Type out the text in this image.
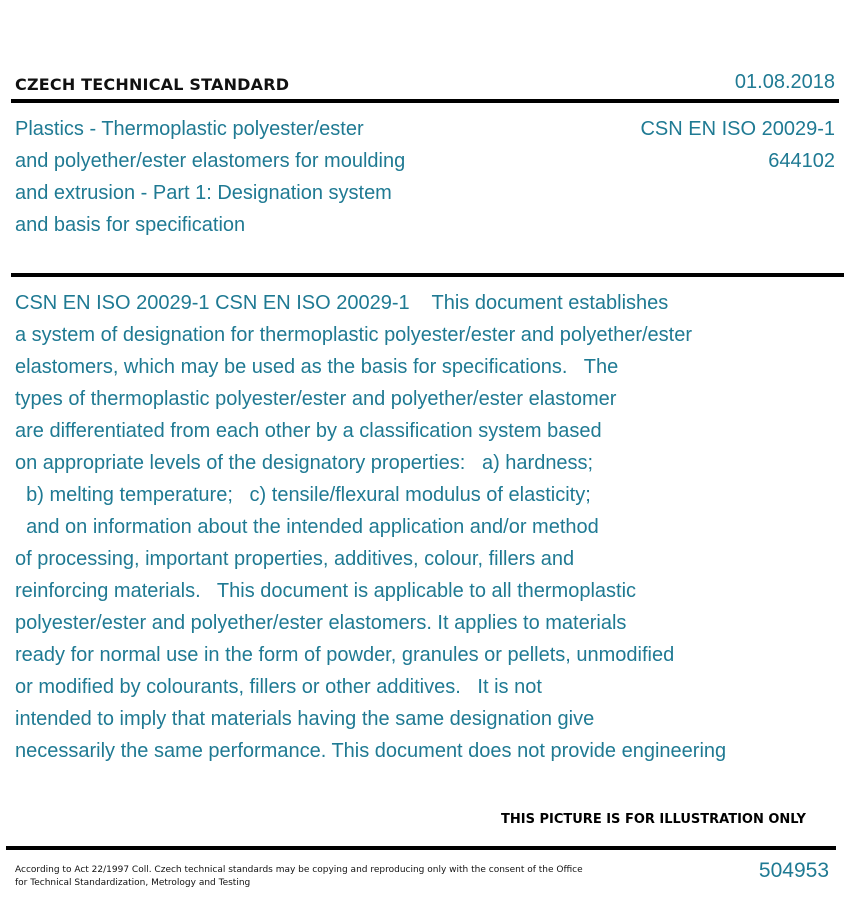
CZECH TECHNICAL STANDARD	01.08.2018
Plastics - Thermoplastic polyester/ester
and polyether/ester elastomers for moulding
and extrusion - Part 1: Designation system
and basis for specification
CSN EN ISO 20029-1
644102
CSN EN ISO 20029-1 CSN EN ISO 20029-1    This document establishes
a system of designation for thermoplastic polyester/ester and polyether/ester
elastomers, which may be used as the basis for specifications.   The
types of thermoplastic polyester/ester and polyether/ester elastomer
are differentiated from each other by a classification system based
on appropriate levels of the designatory properties:   a) hardness;
b) melting temperature;   c) tensile/flexural modulus of elasticity;
and on information about the intended application and/or method
of processing, important properties, additives, colour, fillers and
reinforcing materials.   This document is applicable to all thermoplastic
polyester/ester and polyether/ester elastomers. It applies to materials
ready for normal use in the form of powder, granules or pellets, unmodified
or modified by colourants, fillers or other additives.   It is not
intended to imply that materials having the same designation give
necessarily the same performance. This document does not provide engineering
THIS PICTURE IS FOR ILLUSTRATION ONLY
According to Act 22/1997 Coll. Czech technical standards may be copying and reproducing only with the consent of the Office
for Technical Standardization, Metrology and Testing
504953
